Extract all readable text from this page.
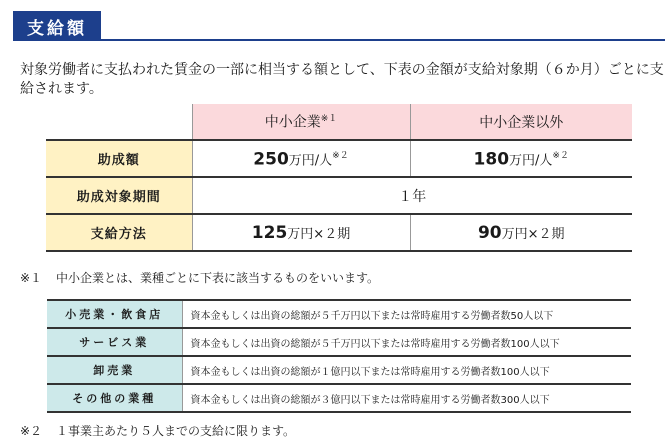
支給額

対象労働者に支払われた賃金の一部に相当する額として、下表の金額が支給対象期（６か月）ごとに支給されます。

	中小企業$^{※1}$	中小企業以外
助成額	250万円/人$^{※2}$	180万円/人$^{※2}$
助成対象期間	１年	
支給方法	125万円×２期	90万円×２期

※１ 中小企業とは、業種ごとに下表に該当するものをいいます。

小売業・飲食店	資本金もしくは出資の総額が５千万円以下または常時雇用する労働者数50人以下
サービス業	資本金もしくは出資の総額が５千万円以下または常時雇用する労働者数100人以下
卸売業	資本金もしくは出資の総額が１億円以下または常時雇用する労働者数100人以下
その他の業種	資本金もしくは出資の総額が３億円以下または常時雇用する労働者数300人以下

※２ １事業主あたり５人までの支給に限ります。
